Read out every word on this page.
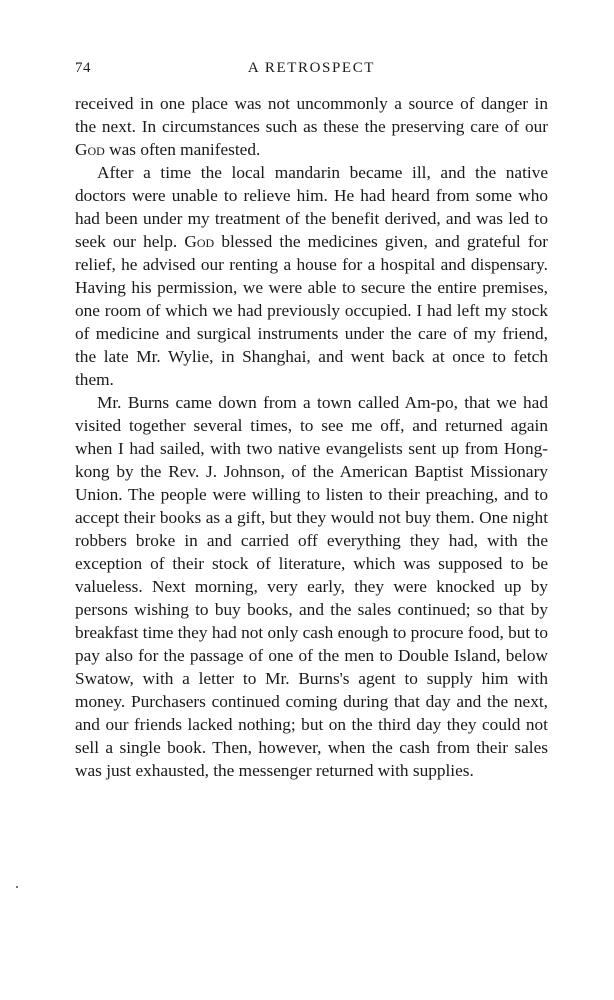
74	A RETROSPECT

received in one place was not uncommonly a source of danger in the next. In circumstances such as these the preserving care of our God was often manifested.

After a time the local mandarin became ill, and the native doctors were unable to relieve him. He had heard from some who had been under my treatment of the benefit derived, and was led to seek our help. God blessed the medicines given, and grateful for relief, he advised our renting a house for a hospital and dispensary. Having his permission, we were able to secure the entire premises, one room of which we had previously occupied. I had left my stock of medicine and surgical instruments under the care of my friend, the late Mr. Wylie, in Shanghai, and went back at once to fetch them.

Mr. Burns came down from a town called Am-po, that we had visited together several times, to see me off, and returned again when I had sailed, with two native evangelists sent up from Hong-kong by the Rev. J. Johnson, of the American Baptist Missionary Union. The people were willing to listen to their preaching, and to accept their books as a gift, but they would not buy them. One night robbers broke in and carried off everything they had, with the exception of their stock of literature, which was supposed to be valueless. Next morning, very early, they were knocked up by persons wishing to buy books, and the sales continued; so that by breakfast time they had not only cash enough to procure food, but to pay also for the passage of one of the men to Double Island, below Swatow, with a letter to Mr. Burns's agent to supply him with money. Purchasers continued coming during that day and the next, and our friends lacked nothing; but on the third day they could not sell a single book. Then, however, when the cash from their sales was just exhausted, the messenger returned with supplies.
